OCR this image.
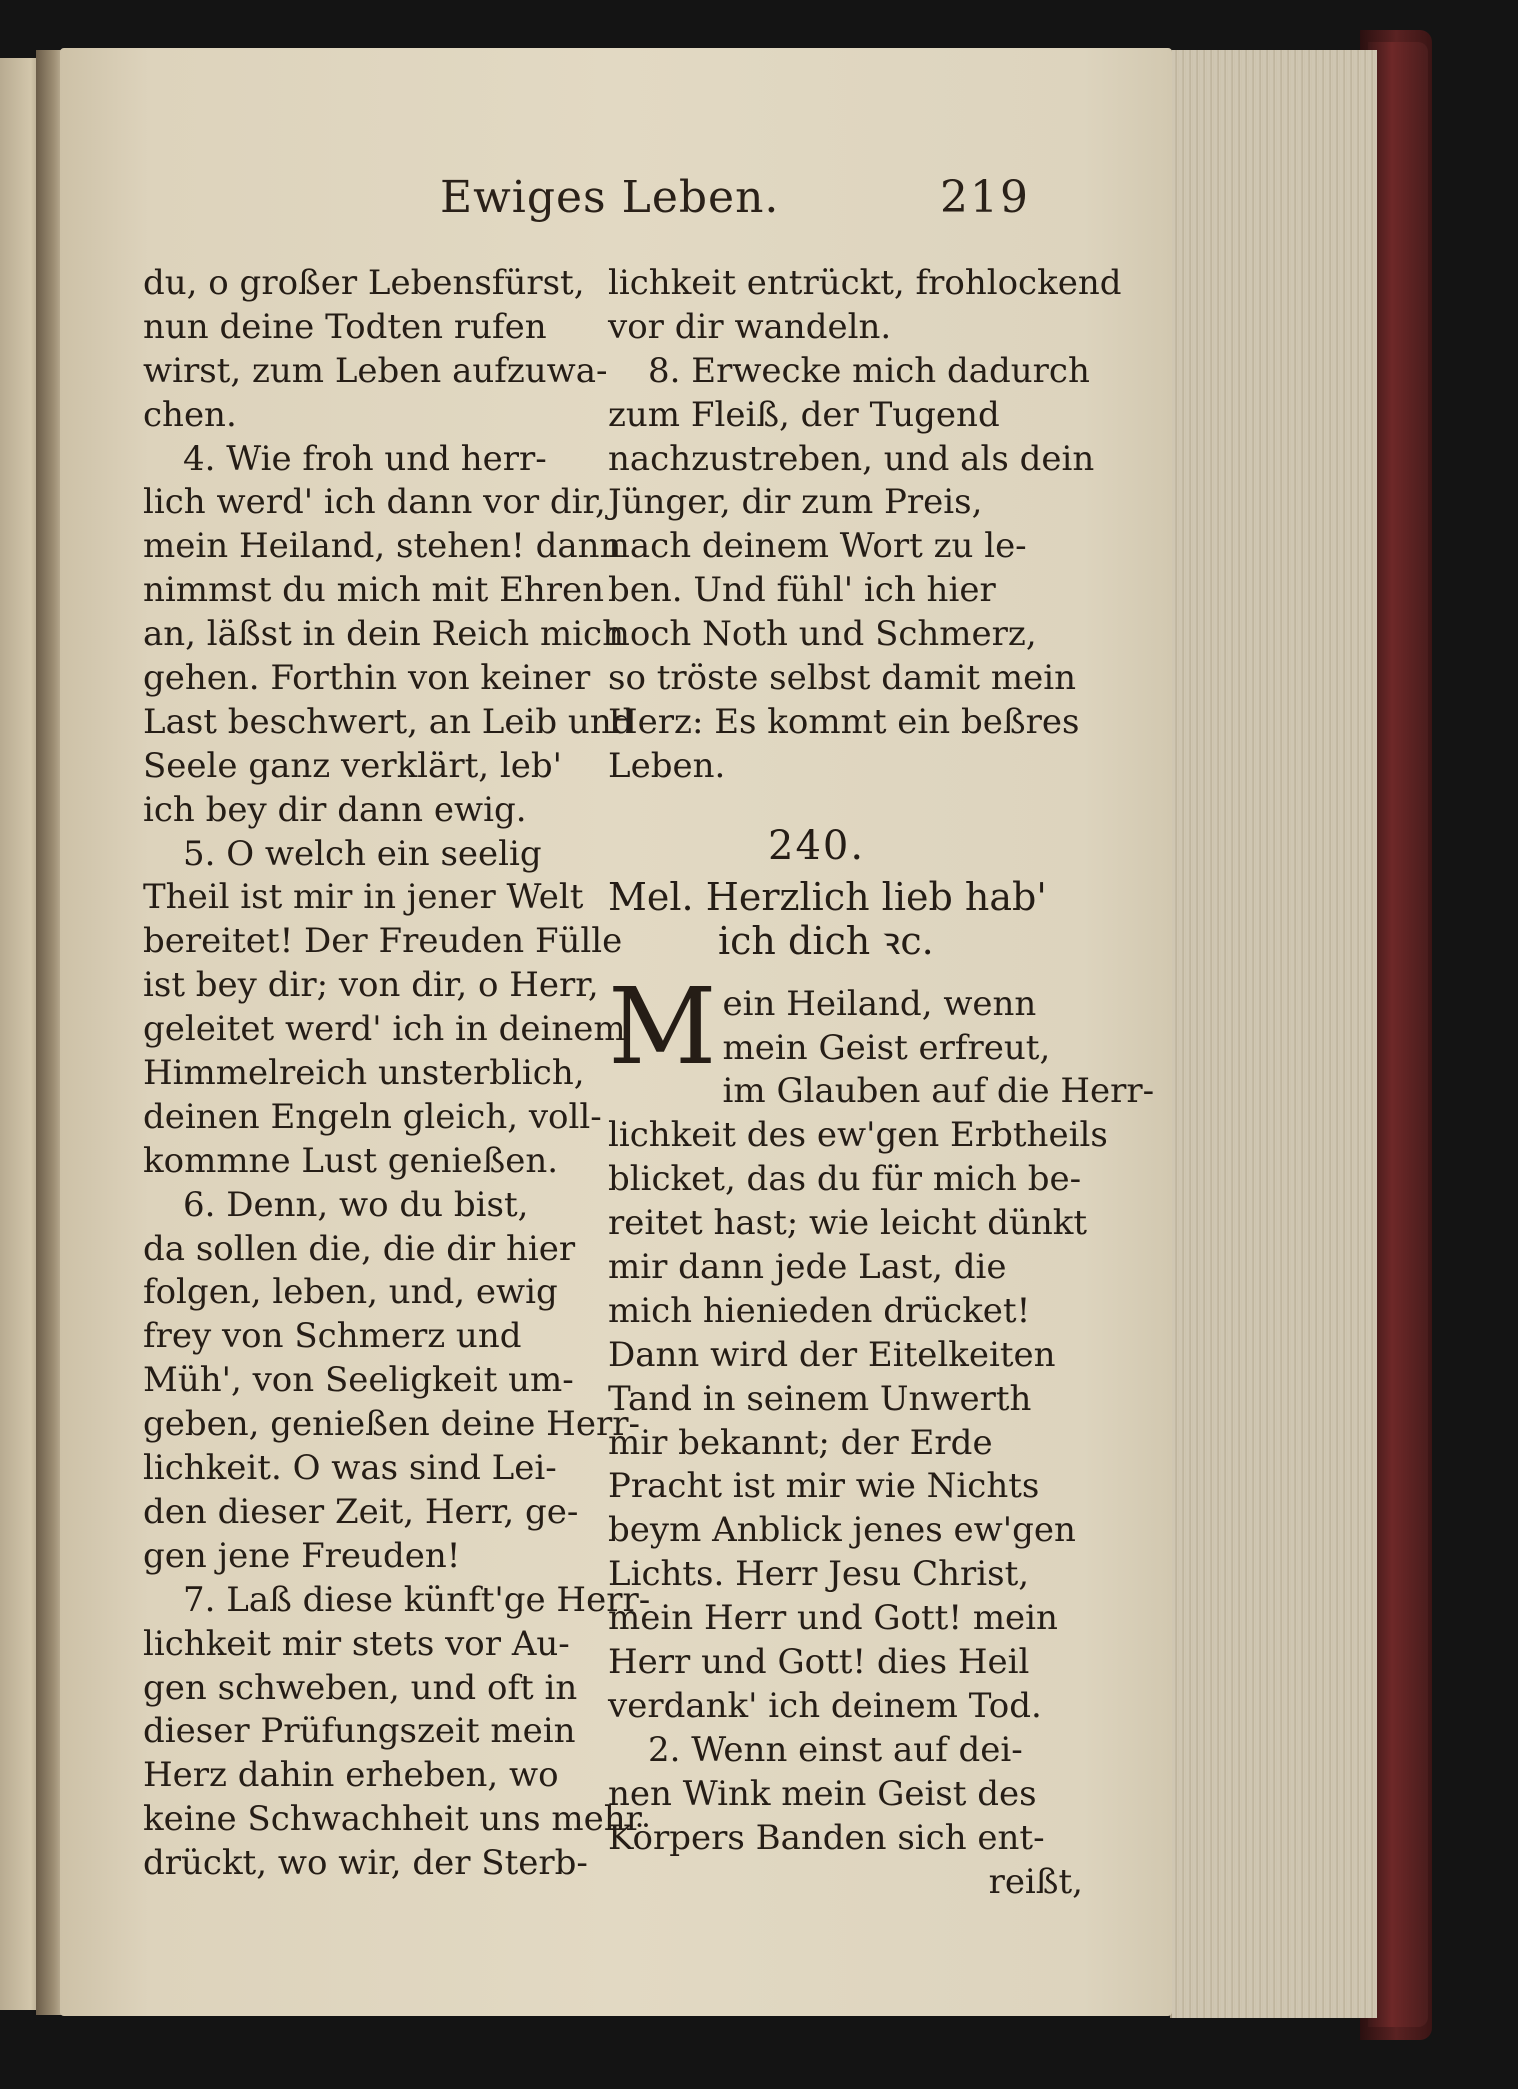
Ewiges Leben.	219
du, o großer Lebensfürst,
nun deine Todten rufen
wirst, zum Leben aufzuwa-
chen.
4. Wie froh und herr-
lich werd' ich dann vor dir,
mein Heiland, stehen! dann
nimmst du mich mit Ehren
an, läßst in dein Reich mich
gehen. Forthin von keiner
Last beschwert, an Leib und
Seele ganz verklärt, leb'
ich bey dir dann ewig.
5. O welch ein seelig
Theil ist mir in jener Welt
bereitet! Der Freuden Fülle
ist bey dir; von dir, o Herr,
geleitet werd' ich in deinem
Himmelreich unsterblich,
deinen Engeln gleich, voll-
kommne Lust genießen.
6. Denn, wo du bist,
da sollen die, die dir hier
folgen, leben, und, ewig
frey von Schmerz und
Müh', von Seeligkeit um-
geben, genießen deine Herr-
lichkeit. O was sind Lei-
den dieser Zeit, Herr, ge-
gen jene Freuden!
7. Laß diese künft'ge Herr-
lichkeit mir stets vor Au-
gen schweben, und oft in
dieser Prüfungszeit mein
Herz dahin erheben, wo
keine Schwachheit uns mehr
drückt, wo wir, der Sterb-
lichkeit entrückt, frohlockend
vor dir wandeln.
8. Erwecke mich dadurch
zum Fleiß, der Tugend
nachzustreben, und als dein
Jünger, dir zum Preis,
nach deinem Wort zu le-
ben. Und fühl' ich hier
noch Noth und Schmerz,
so tröste selbst damit mein
Herz: Es kommt ein beßres
Leben.
240.
Mel. Herzlich lieb hab'
ich dich ꝛc.
M ein Heiland, wenn
mein Geist erfreut,
im Glauben auf die Herr-
lichkeit des ew'gen Erbtheils
blicket, das du für mich be-
reitet hast; wie leicht dünkt
mir dann jede Last, die
mich hienieden drücket!
Dann wird der Eitelkeiten
Tand in seinem Unwerth
mir bekannt; der Erde
Pracht ist mir wie Nichts
beym Anblick jenes ew'gen
Lichts. Herr Jesu Christ,
mein Herr und Gott! mein
Herr und Gott! dies Heil
verdank' ich deinem Tod.
2. Wenn einst auf dei-
nen Wink mein Geist des
Körpers Banden sich ent-
reißt,
